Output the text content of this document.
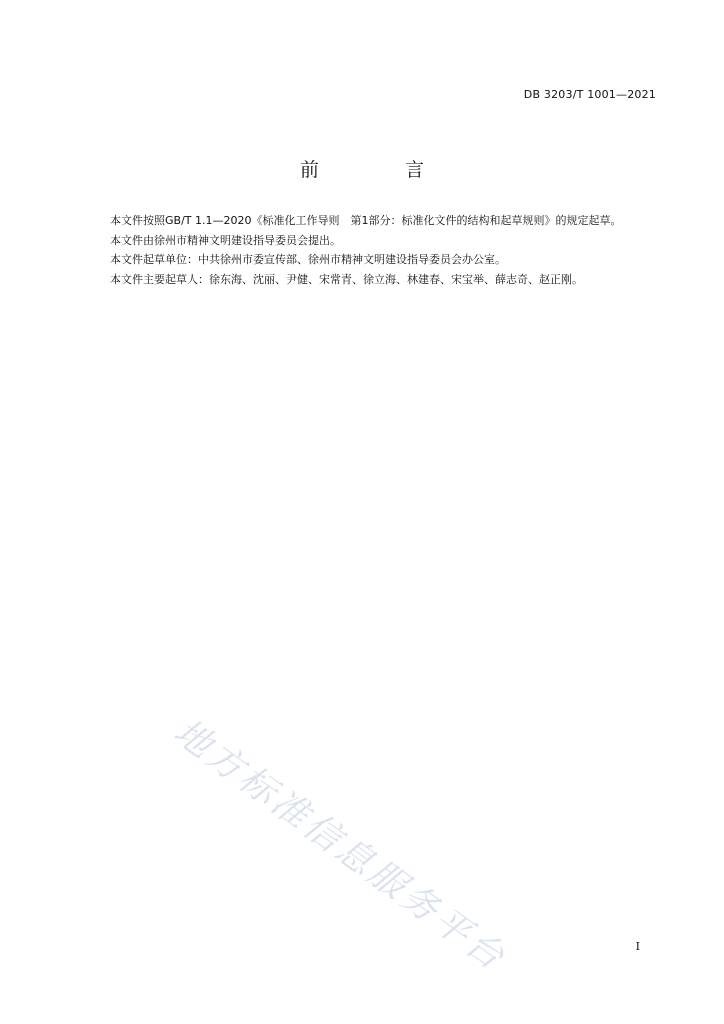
DB 3203/T 1001—2021
前 言

本文件按照GB/T 1.1—2020《标准化工作导则　第1部分：标准化文件的结构和起草规则》的规定起草。

本文件由徐州市精神文明建设指导委员会提出。

本文件起草单位：中共徐州市委宣传部、徐州市精神文明建设指导委员会办公室。

本文件主要起草人：徐东海、沈丽、尹健、宋常青、徐立海、林建春、宋宝举、薛志奇、赵正刚。

地方标准信息服务平台	I
